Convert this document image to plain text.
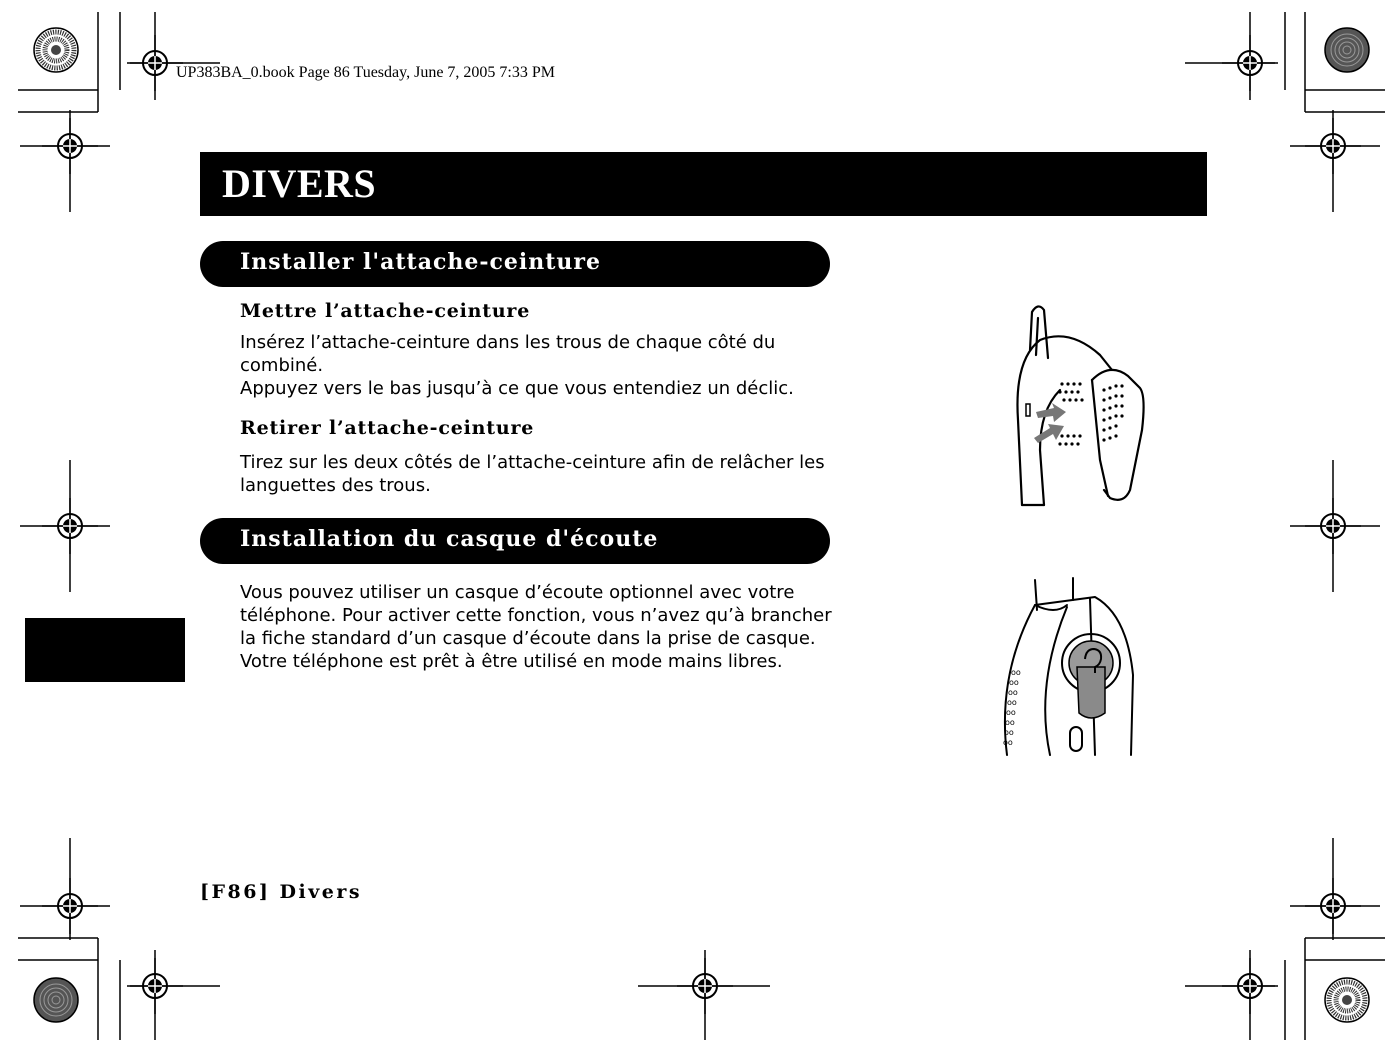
UP383BA_0.book Page 86 Tuesday, June 7, 2005 7:33 PM
DIVERS
Installer l'attache-ceinture
Mettre l’attache-ceinture

Insérez l’attache-ceinture dans les trous de chaque côté du

combiné.

Appuyez vers le bas jusqu’à ce que vous entendiez un déclic.

Retirer l’attache-ceinture

Tirez sur les deux côtés de l’attache-ceinture afin de relâcher les

languettes des trous.

Installation du casque d'écoute

Vous pouvez utiliser un casque d’écoute optionnel avec votre

téléphone. Pour activer cette fonction, vous n’avez qu’à brancher

la fiche standard d’un casque d’écoute dans la prise de casque.

Votre téléphone est prêt à être utilisé en mode mains libres.

[F86] Divers
oo
oo
oo
oo
oo
oo
oo
oo
